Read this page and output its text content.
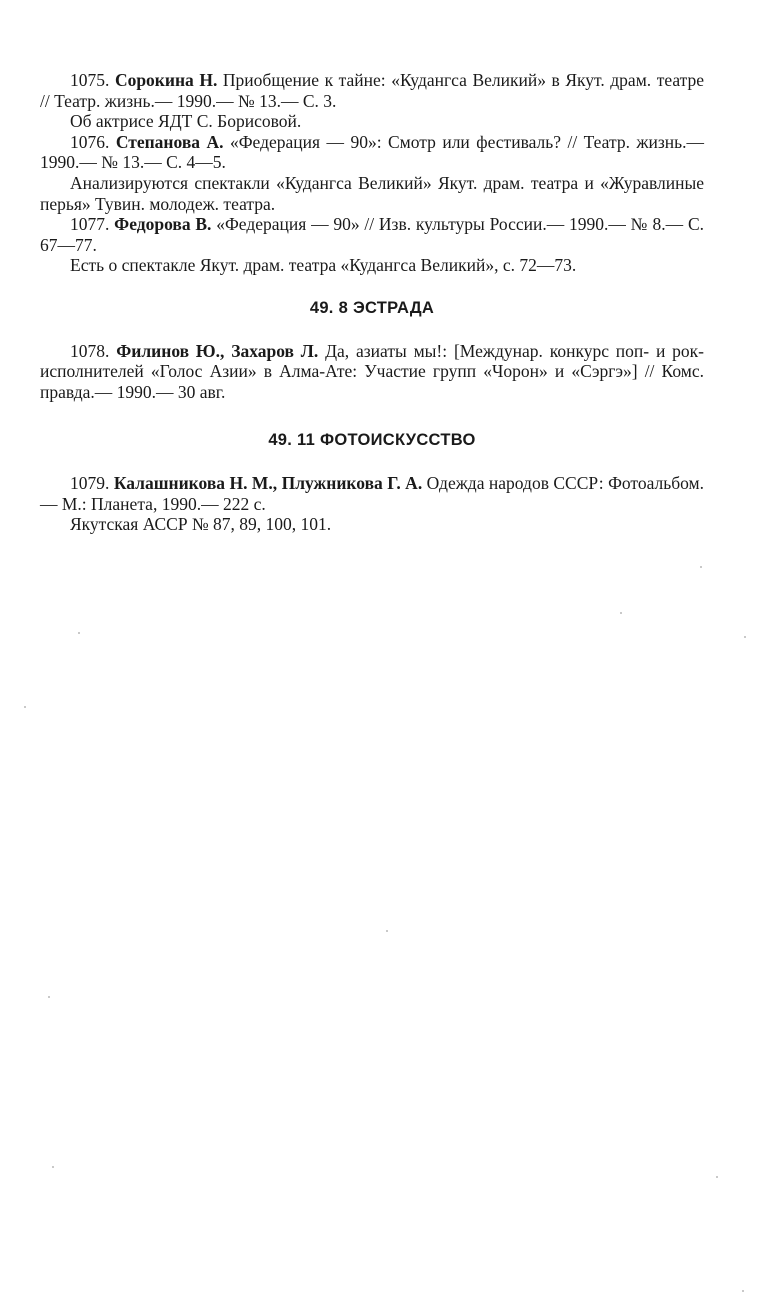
1075. Сорокина Н. Приобщение к тайне: «Кудангса Великий» в Якут. драм. театре // Театр. жизнь.— 1990.— № 13.— С. 3.

Об актрисе ЯДТ С. Борисовой.

1076. Степанова А. «Федерация — 90»: Смотр или фестиваль? // Театр. жизнь.— 1990.— № 13.— С. 4—5.

Анализируются спектакли «Кудангса Великий» Якут. драм. театра и «Журавлиные перья» Тувин. молодеж. театра.

1077. Федорова В. «Федерация — 90» // Изв. культуры России.— 1990.— № 8.— С. 67—77.

Есть о спектакле Якут. драм. театра «Кудангса Великий», с. 72—73.

49. 8 ЭСТРАДА

1078. Филинов Ю., Захаров Л. Да, азиаты мы!: [Междунар. конкурс поп- и рок-исполнителей «Голос Азии» в Алма-Ате: Участие групп «Чорон» и «Сэргэ»] // Комс. правда.— 1990.— 30 авг.

49. 11 ФОТОИСКУССТВО

1079. Калашникова Н. М., Плужникова Г. А. Одежда народов СССР: Фотоальбом.— М.: Планета, 1990.— 222 с.

Якутская АССР № 87, 89, 100, 101.
